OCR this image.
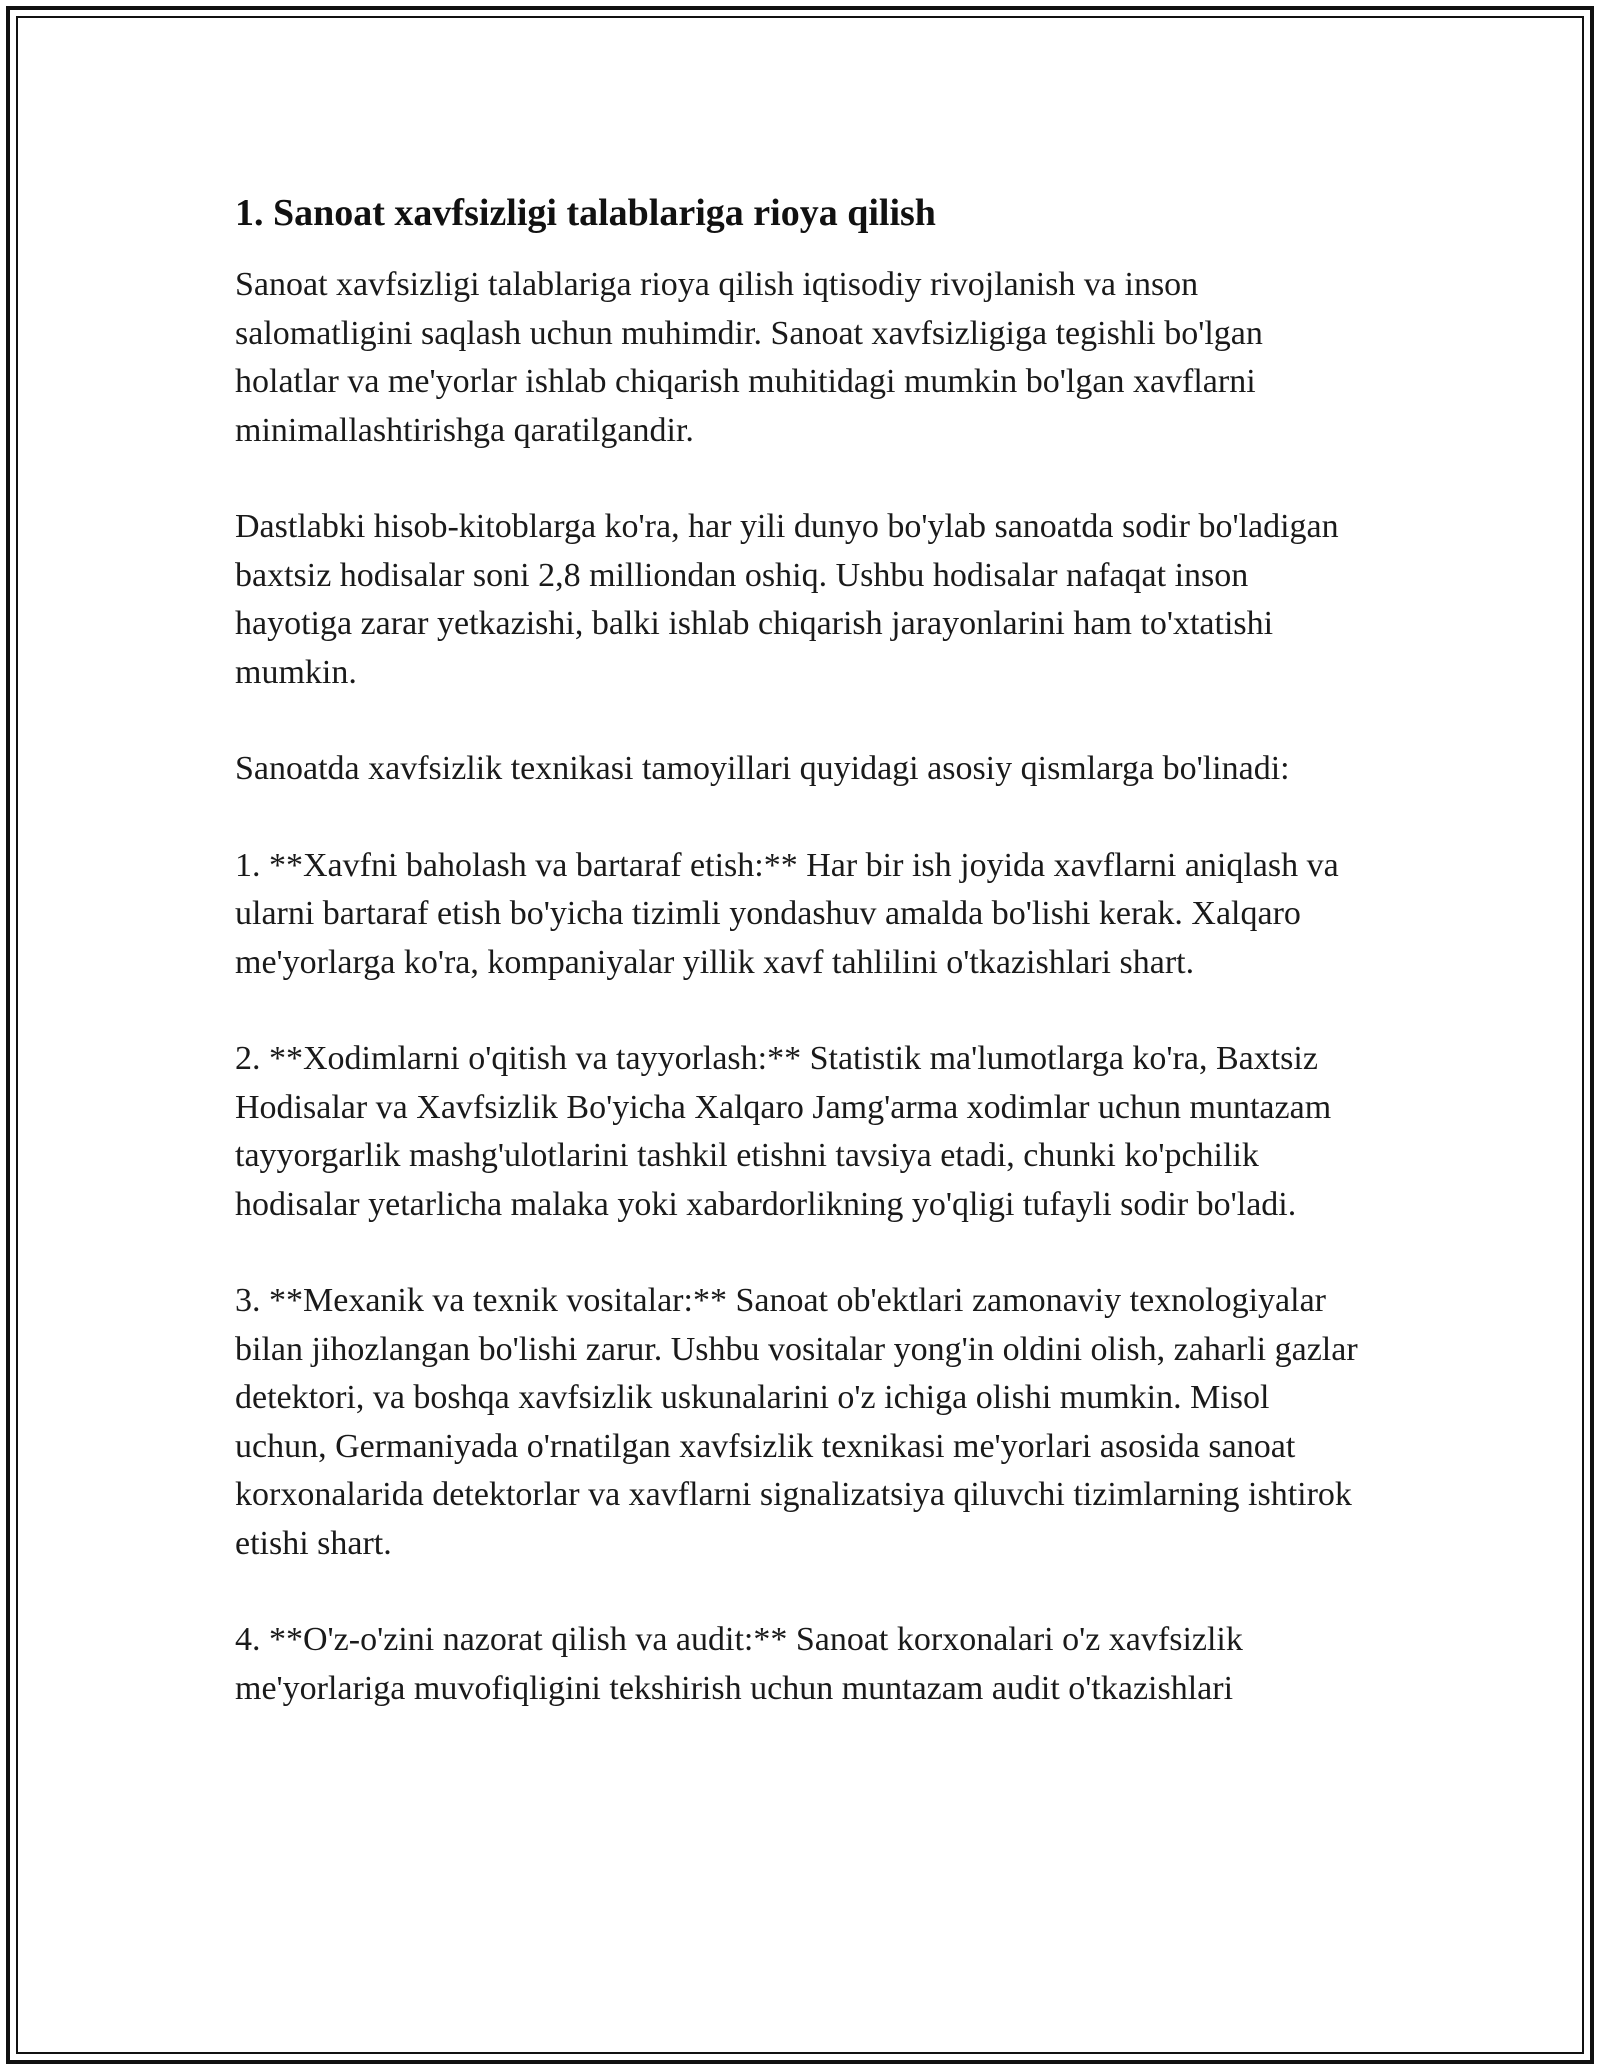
1. Sanoat xavfsizligi talablariga rioya qilish

Sanoat xavfsizligi talablariga rioya qilish iqtisodiy rivojlanish va inson salomatligini saqlash uchun muhimdir. Sanoat xavfsizligiga tegishli bo'lgan holatlar va me'yorlar ishlab chiqarish muhitidagi mumkin bo'lgan xavflarni minimallashtirishga qaratilgandir.

Dastlabki hisob-kitoblarga ko'ra, har yili dunyo bo'ylab sanoatda sodir bo'ladigan baxtsiz hodisalar soni 2,8 milliondan oshiq. Ushbu hodisalar nafaqat inson hayotiga zarar yetkazishi, balki ishlab chiqarish jarayonlarini ham to'xtatishi mumkin.

Sanoatda xavfsizlik texnikasi tamoyillari quyidagi asosiy qismlarga bo'linadi:

1. **Xavfni baholash va bartaraf etish:** Har bir ish joyida xavflarni aniqlash va ularni bartaraf etish bo'yicha tizimli yondashuv amalda bo'lishi kerak. Xalqaro me'yorlarga ko'ra, kompaniyalar yillik xavf tahlilini o'tkazishlari shart.

2. **Xodimlarni o'qitish va tayyorlash:** Statistik ma'lumotlarga ko'ra, Baxtsiz Hodisalar va Xavfsizlik Bo'yicha Xalqaro Jamg'arma xodimlar uchun muntazam tayyorgarlik mashg'ulotlarini tashkil etishni tavsiya etadi, chunki ko'pchilik hodisalar yetarlicha malaka yoki xabardorlikning yo'qligi tufayli sodir bo'ladi.

3. **Mexanik va texnik vositalar:** Sanoat ob'ektlari zamonaviy texnologiyalar bilan jihozlangan bo'lishi zarur. Ushbu vositalar yong'in oldini olish, zaharli gazlar detektori, va boshqa xavfsizlik uskunalarini o'z ichiga olishi mumkin. Misol uchun, Germaniyada o'rnatilgan xavfsizlik texnikasi me'yorlari asosida sanoat korxonalarida detektorlar va xavflarni signalizatsiya qiluvchi tizimlarning ishtirok etishi shart.

4. **O'z-o'zini nazorat qilish va audit:** Sanoat korxonalari o'z xavfsizlik me'yorlariga muvofiqligini tekshirish uchun muntazam audit o'tkazishlari
